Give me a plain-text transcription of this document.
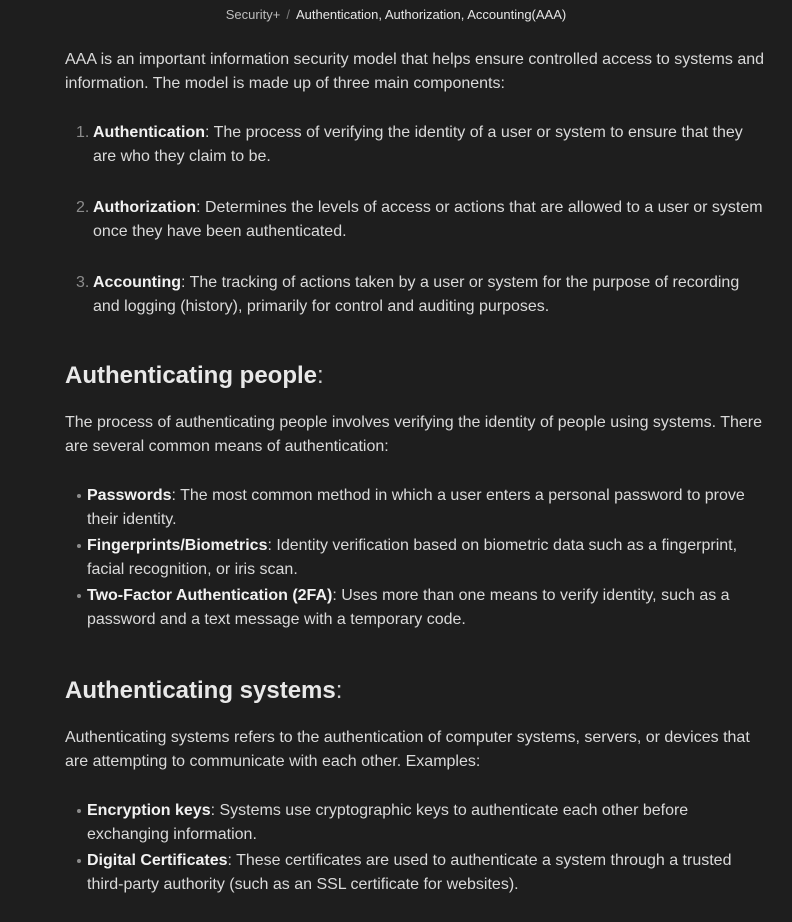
Security+ / Authentication, Authorization, Accounting(AAA)

AAA is an important information security model that helps ensure controlled access to systems and information. The model is made up of three main components:

1. Authentication: The process of verifying the identity of a user or system to ensure that they are who they claim to be.
2. Authorization: Determines the levels of access or actions that are allowed to a user or system once they have been authenticated.
3. Accounting: The tracking of actions taken by a user or system for the purpose of recording and logging (history), primarily for control and auditing purposes.
Authenticating people:

The process of authenticating people involves verifying the identity of people using systems. There are several common means of authentication:

Passwords: The most common method in which a user enters a personal password to prove their identity.
Fingerprints/Biometrics: Identity verification based on biometric data such as a fingerprint, facial recognition, or iris scan.
Two-Factor Authentication (2FA): Uses more than one means to verify identity, such as a password and a text message with a temporary code.
Authenticating systems:

Authenticating systems refers to the authentication of computer systems, servers, or devices that are attempting to communicate with each other. Examples:

Encryption keys: Systems use cryptographic keys to authenticate each other before exchanging information.
Digital Certificates: These certificates are used to authenticate a system through a trusted third-party authority (such as an SSL certificate for websites).
